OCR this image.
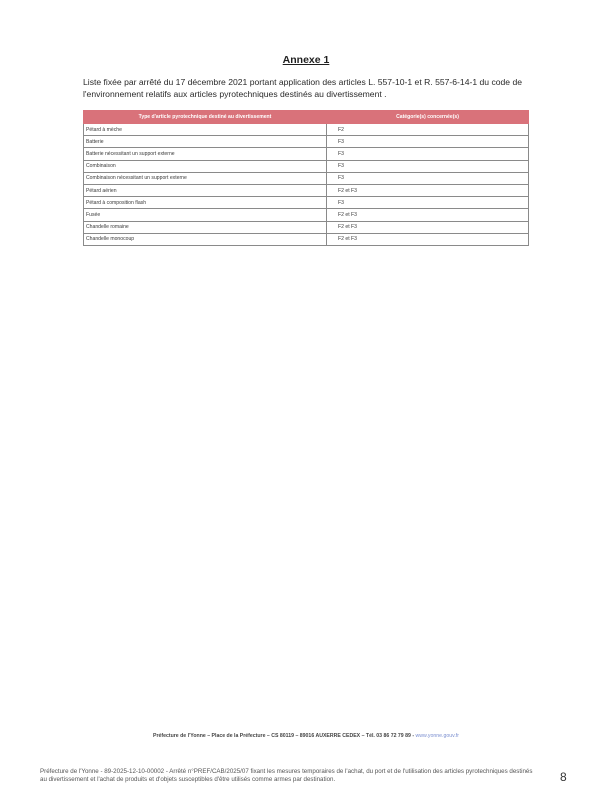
Annexe 1
Liste fixée par arrêté du 17 décembre 2021 portant application des articles L. 557-10-1 et R. 557-6-14-1 du code de l'environnement relatifs aux articles pyrotechniques destinés au divertissement .
Type d'article pyrotechnique destiné au divertissement	Catégorie(s) concernée(s)
Pétard à mèche	F2
Batterie	F3
Batterie nécessitant un support externe	F3
Combinaison	F3
Combinaison nécessitant un support externe	F3
Pétard aérien	F2 et F3
Pétard à composition flash	F3
Fusée	F2 et F3
Chandelle romaine	F2 et F3
Chandelle monocoup	F2 et F3
Préfecture de l'Yonne – Place de la Préfecture – CS 80119 – 89016 AUXERRE CEDEX – Tél. 03 86 72 79 89 - www.yonne.gouv.fr
Préfecture de l'Yonne - 89-2025-12-10-00002 - Arrêté n°PREF/CAB/2025/07 fixant les mesures temporaires de l'achat, du port et de l'utilisation des articles pyrotechniques destinés au divertissement et l'achat de produits et d'objets susceptibles d'être utilisés comme armes par destination.	8
